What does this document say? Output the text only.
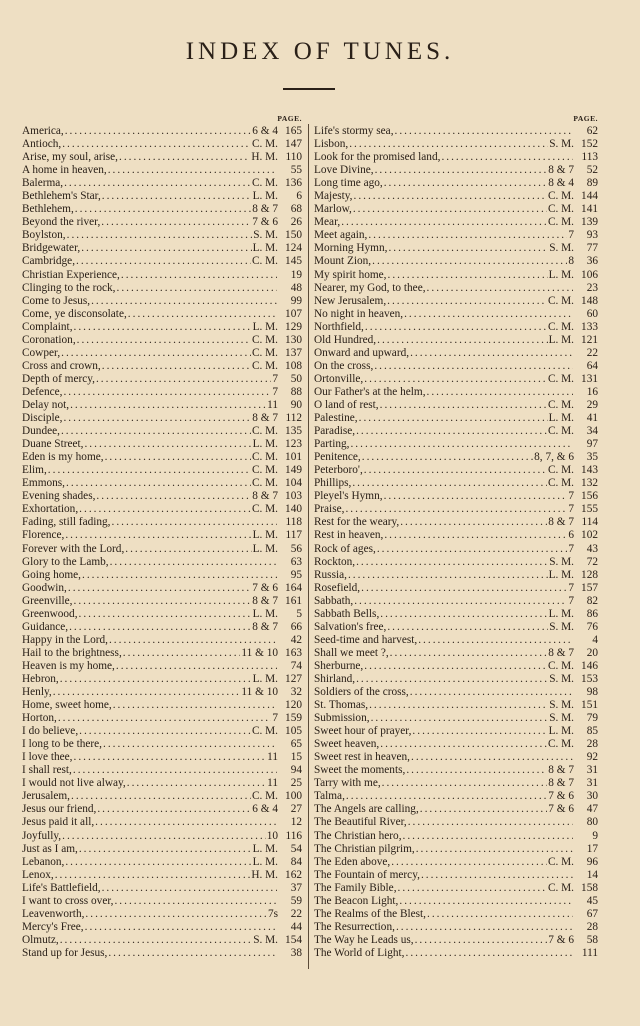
INDEX OF TUNES.
PAGE.
America, .....	6 & 4 165
Antioch, .....	C. M. 147
Arise, my soul, arise, .....	H. M. 110
A home in heaven, .....	55
Balerma, .....	C. M. 136
Bethlehem's Star, .....	L. M.	6
Bethlehem, .....	8 & 7	68
Beyond the river, .....	7 & 6	26
Boylston, .....	S. M. 150
Bridgewater, .....	L. M. 124
Cambridge, .....	C. M. 145
Christian Experience, .....	19
Clinging to the rock, .....	48
Come to Jesus, .....	99
Come, ye disconsolate, .....	107
Complaint, .....	L. M. 129
Coronation, .....	C. M. 130
Cowper, .....	C. M. 137
Cross and crown, .....	C. M. 108
Depth of mercy, .....	7	50
Defence, .....	7	88
Delay not, .....	11	90
Disciple, .....	8 & 7 112
Dundee, .....	C. M. 135
Duane Street, .....	L. M. 123
Eden is my home, .....	C. M. 101
Elim, .....	C. M. 149
Emmons, .....	C. M. 104
Evening shades, .....	8 & 7 103
Exhortation, .....	C. M. 140
Fading, still fading, .....	118
Florence, .....	L. M. 117
Forever with the Lord, .....	L. M.	56
Glory to the Lamb, .....	63
Going home, .....	95
Goodwin, .....	7 & 6 164
Greenville, .....	8 & 7 161
Greenwood, .....	L. M.	5
Guidance, .....	8 & 7	66
Happy in the Lord, .....	42
Hail to the brightness, .....	11 & 10 163
Heaven is my home, .....	74
Hebron, .....	L. M. 127
Henly, .....	11 & 10	32
Home, sweet home, .....	120
Horton, .....	7 159
I do believe, .....	C. M. 105
I long to be there, .....	65
I love thee, .....	11	15
I shall rest, .....	94
I would not live alway, .....	11	25
Jerusalem, .....	C. M. 100
Jesus our friend, .....	6 & 4	27
Jesus paid it all, .....	12
Joyfully, .....	10 116
Just as I am, .....	L. M.	54
Lebanon, .....	L. M.	84
Lenox, .....	H. M. 162
Life's Battlefield, .....	37
I want to cross over, .....	59
Leavenworth, .....	7s	22
Mercy's Free, .....	44
Olmutz, .....	S. M. 154
Stand up for Jesus, .....	38
PAGE.
Life's stormy sea, .....	62
Lisbon, .....	S. M. 152
Look for the promised land, .....	113
Love Divine, .....	8 & 7	52
Long time ago, .....	8 & 4	89
Majesty, .....	C. M. 144
Marlow, .....	C. M. 141
Mear, .....	C. M. 139
Meet again, .....	7	93
Morning Hymn, .....	S. M.	77
Mount Zion, .....	8	36
My spirit home, .....	L. M. 106
Nearer, my God, to thee, .....	23
New Jerusalem, .....	C. M. 148
No night in heaven, .....	60
Northfield, .....	C. M. 133
Old Hundred, .....	L. M. 121
Onward and upward, .....	22
On the cross, .....	64
Ortonville, .....	C. M. 131
Our Father's at the helm, .....	16
O land of rest, .....	C. M.	29
Palestine, .....	L. M.	41
Paradise, .....	C. M.	34
Parting, .....	97
Penitence, .....	8, 7, & 6	35
Peterboro', .....	C. M. 143
Phillips, .....	C. M. 132
Pleyel's Hymn, .....	7 156
Praise, .....	7 155
Rest for the weary, .....	8 & 7 114
Rest in heaven, .....	6 102
Rock of ages, .....	7	43
Rockton, .....	S. M.	72
Russia, .....	L. M. 128
Rosefield, .....	7 157
Sabbath, .....	7	82
Sabbath Bells, .....	L. M.	86
Salvation's free, .....	S. M.	76
Seed-time and harvest, .....	4
Shall we meet ?, .....	8 & 7	20
Sherburne, .....	C. M. 146
Shirland, .....	S. M. 153
Soldiers of the cross, .....	98
St. Thomas, .....	S. M. 151
Submission, .....	S. M.	79
Sweet hour of prayer, .....	L. M.	85
Sweet heaven, .....	C. M.	28
Sweet rest in heaven, .....	92
Sweet the moments, .....	8 & 7	31
Tarry with me, .....	8 & 7	31
Talma, .....	7 & 6	30
The Angels are calling, .....	7 & 6	47
The Beautiful River, .....	80
The Christian hero, .....	9
The Christian pilgrim, .....	17
The Eden above, .....	C. M.	96
The Fountain of mercy, .....	14
The Family Bible, .....	C. M. 158
The Beacon Light, .....	45
The Realms of the Blest, .....	67
The Resurrection, .....	28
The Way he Leads us, .....	7 & 6	58
The World of Light, .....	111
